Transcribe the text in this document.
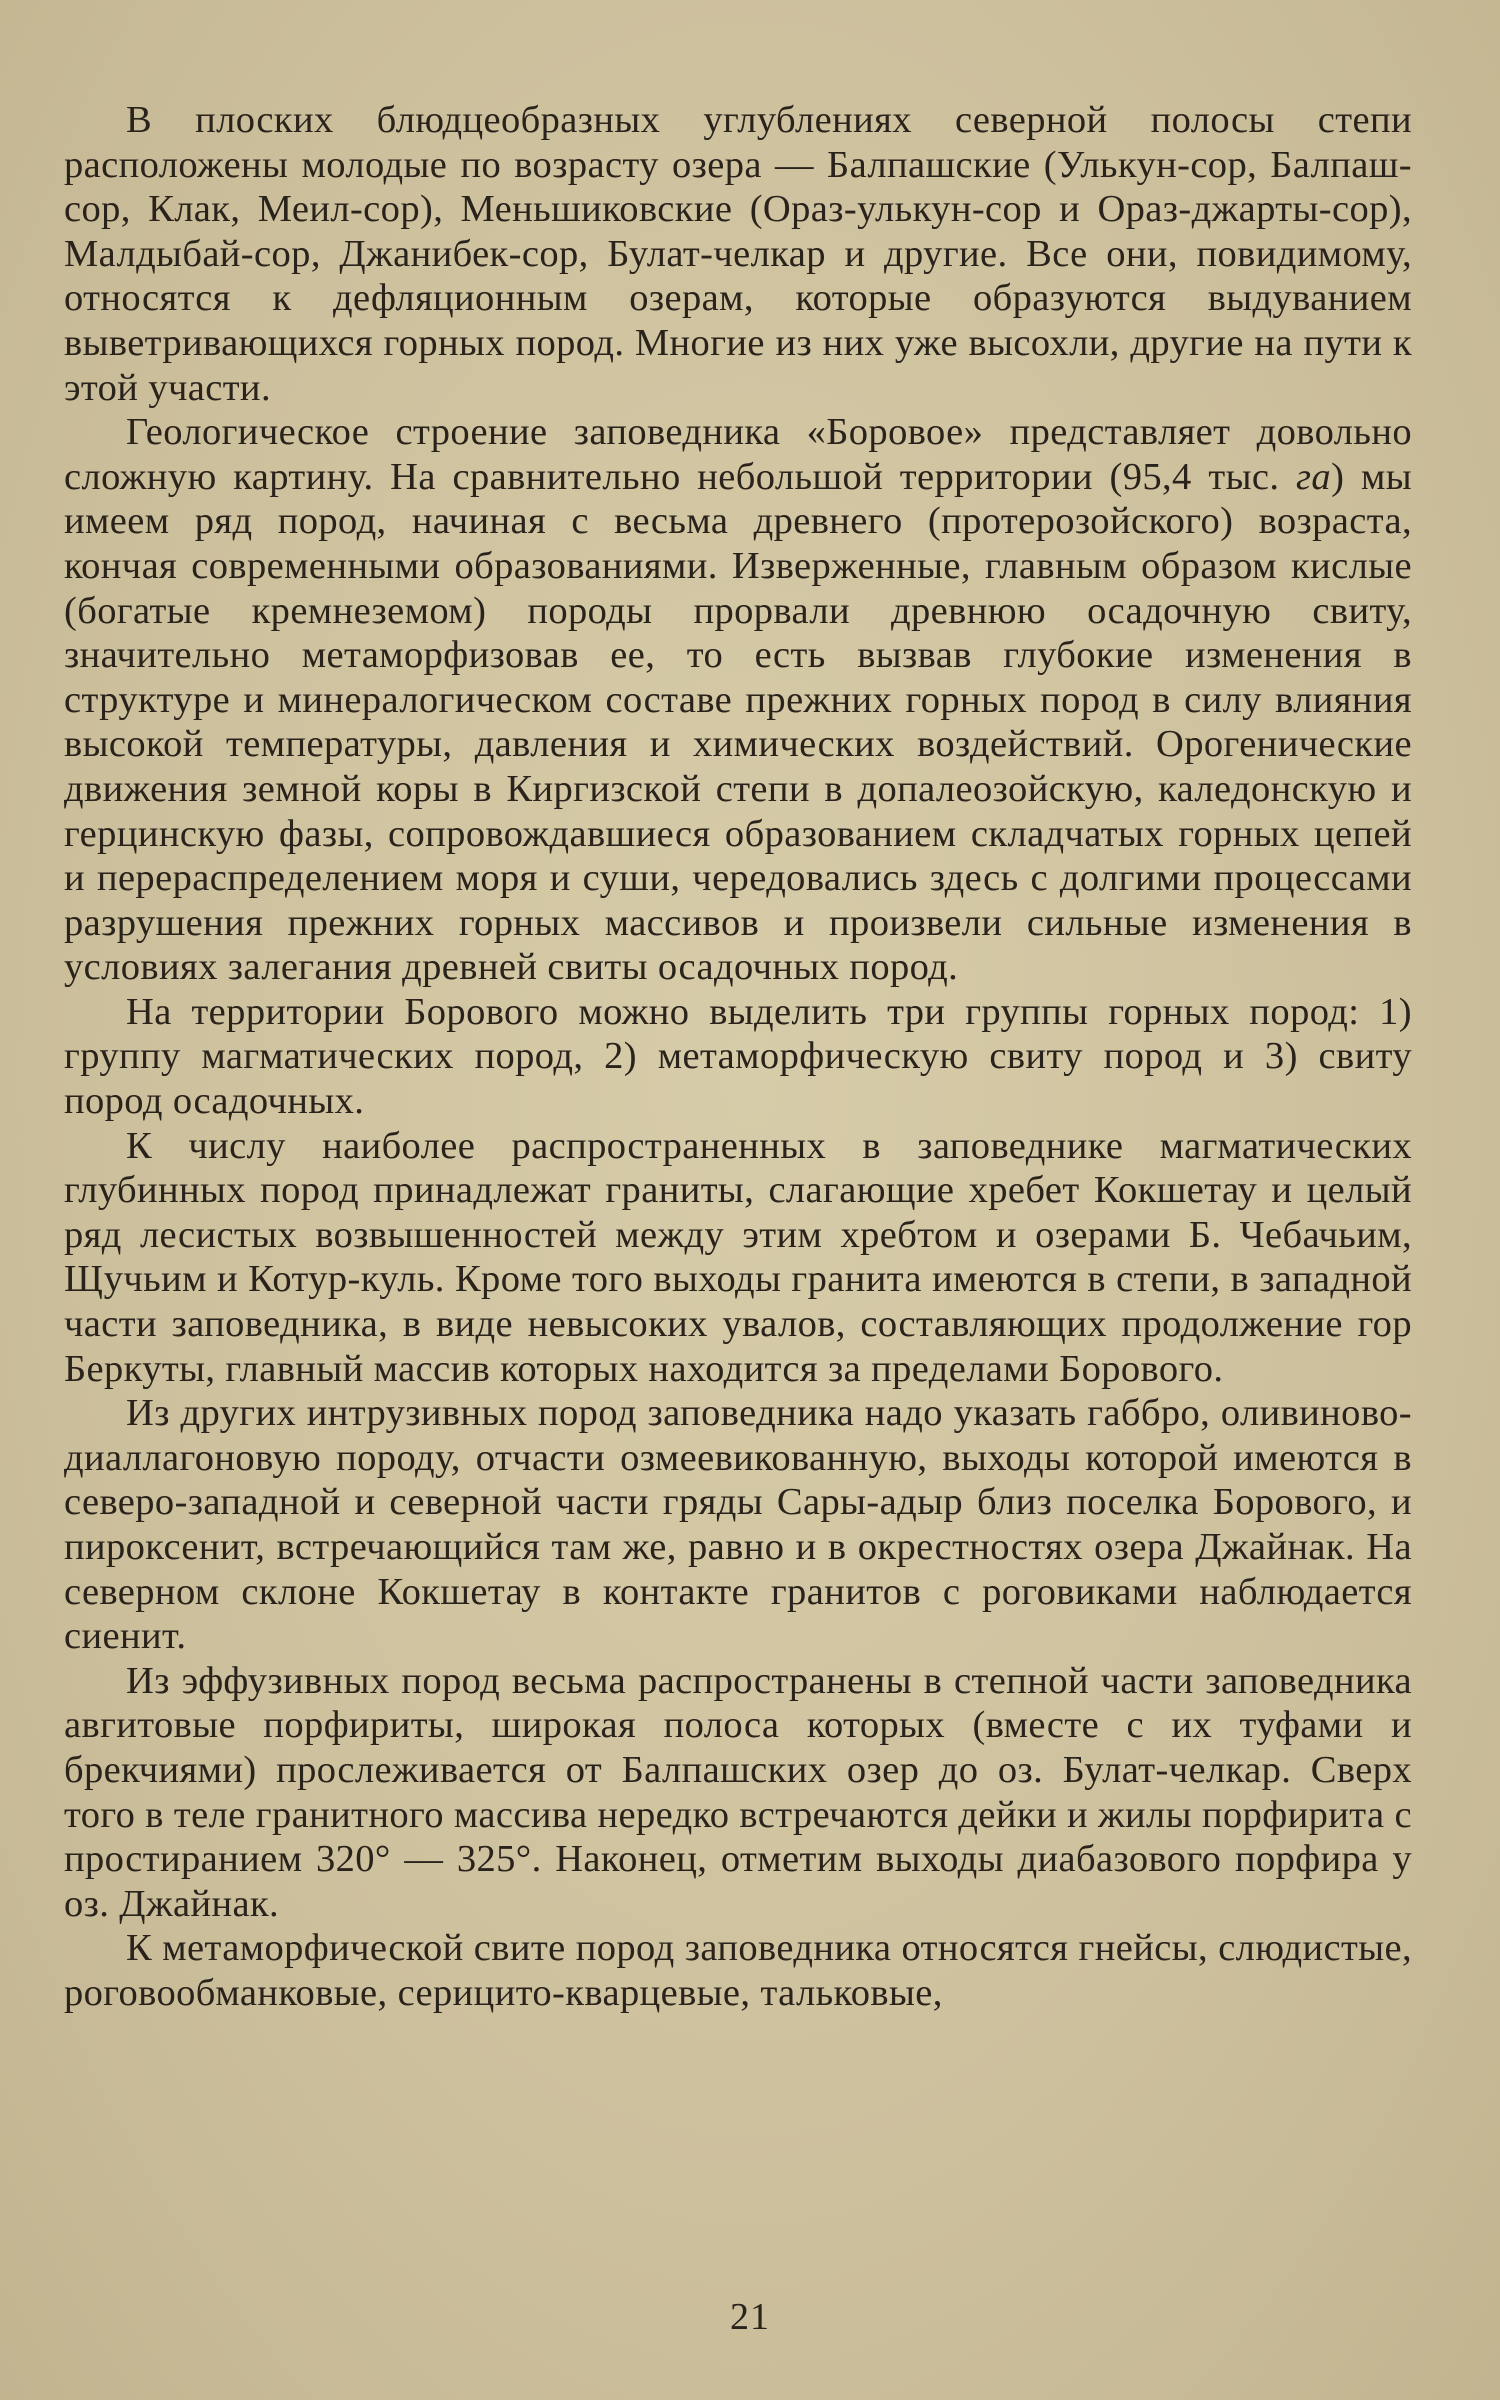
В плоских блюдцеобразных углублениях северной полосы степи расположены молодые по возрасту озера — Балпашские (Улькун-сор, Балпаш-сор, Клак, Меил-сор), Меньшиковские (Ораз-улькун-сор и Ораз-джарты-сор), Малдыбай-сор, Джанибек-сор, Булат-челкар и другие. Все они, повидимому, относятся к дефляционным озерам, которые образуются выдуванием выветривающихся горных пород. Многие из них уже высохли, другие на пути к этой участи.

Геологическое строение заповедника «Боровое» представляет довольно сложную картину. На сравнительно небольшой территории (95,4 тыс. га) мы имеем ряд пород, начиная с весьма древнего (протерозойского) возраста, кончая современными образованиями. Изверженные, главным образом кислые (богатые кремнеземом) породы прорвали древнюю осадочную свиту, значительно метаморфизовав ее, то есть вызвав глубокие изменения в структуре и минералогическом составе прежних горных пород в силу влияния высокой температуры, давления и химических воздействий. Орогенические движения земной коры в Киргизской степи в допалеозойскую, каледонскую и герцинскую фазы, сопровождавшиеся образованием складчатых горных цепей и перераспределением моря и суши, чередовались здесь с долгими процессами разрушения прежних горных массивов и произвели сильные изменения в условиях залегания древней свиты осадочных пород.

На территории Борового можно выделить три группы горных пород: 1) группу магматических пород, 2) метаморфическую свиту пород и 3) свиту пород осадочных.

К числу наиболее распространенных в заповеднике магматических глубинных пород принадлежат граниты, слагающие хребет Кокшетау и целый ряд лесистых возвышенностей между этим хребтом и озерами Б. Чебачьим, Щучьим и Котур-куль. Кроме того выходы гранита имеются в степи, в западной части заповедника, в виде невысоких увалов, составляющих продолжение гор Беркуты, главный массив которых находится за пределами Борового.

Из других интрузивных пород заповедника надо указать габбро, оливиново-диаллагоновую породу, отчасти озмеевикованную, выходы которой имеются в северо-западной и северной части гряды Сары-адыр близ поселка Борового, и пироксенит, встречающийся там же, равно и в окрестностях озера Джайнак. На северном склоне Кокшетау в контакте гранитов с роговиками наблюдается сиенит.

Из эффузивных пород весьма распространены в степной части заповедника авгитовые порфириты, широкая полоса которых (вместе с их туфами и брекчиями) прослеживается от Балпашских озер до оз. Булат-челкар. Сверх того в теле гранитного массива нередко встречаются дейки и жилы порфирита с простиранием 320° — 325°. Наконец, отметим выходы диабазового порфира у оз. Джайнак.

К метаморфической свите пород заповедника относятся гнейсы, слюдистые, роговообманковые, серицито-кварцевые, тальковые,

21
